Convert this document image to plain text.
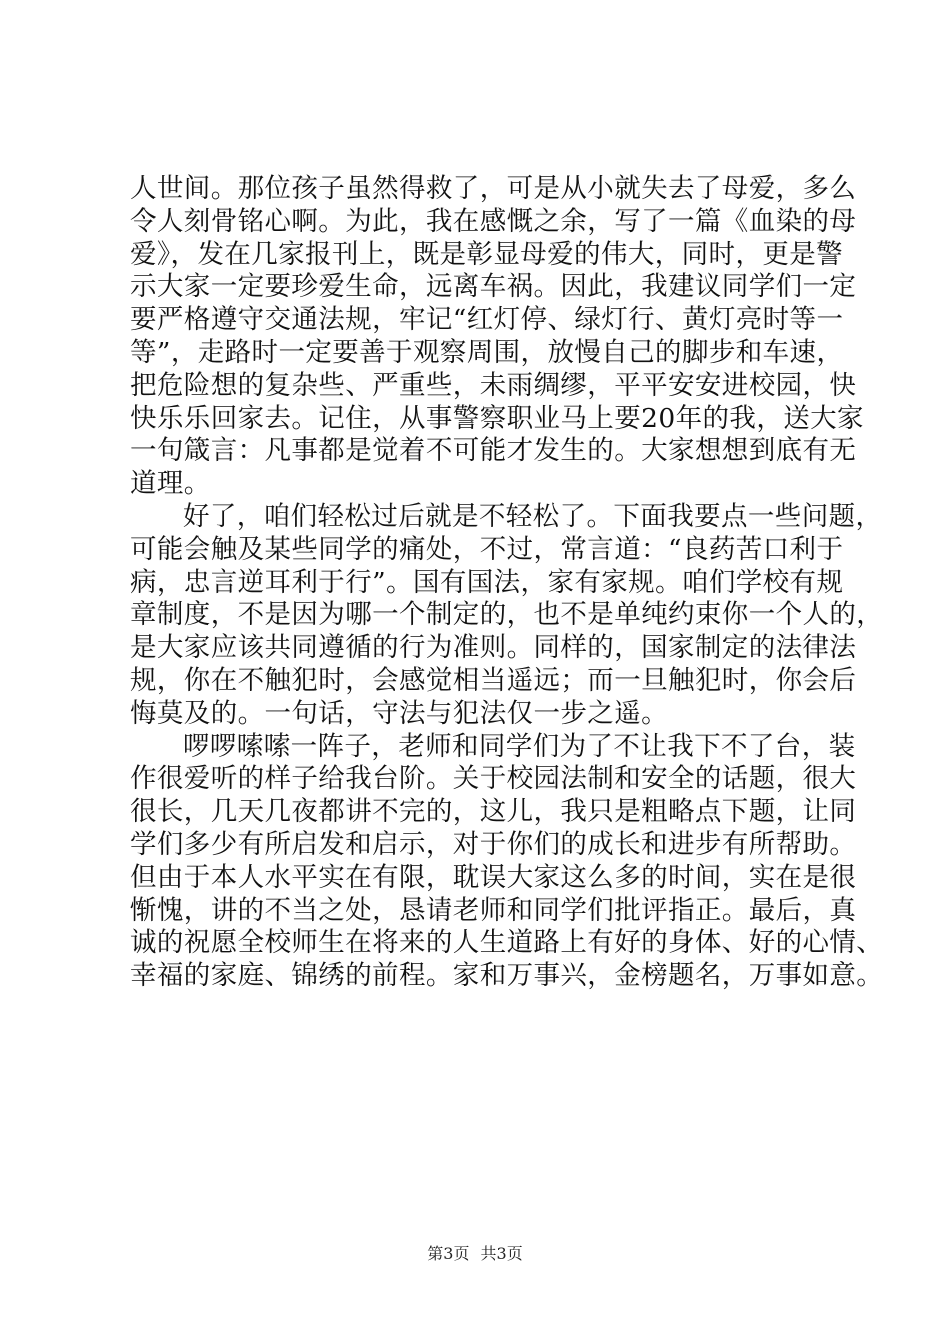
人世间。那位孩子虽然得救了，可是从小就失去了母爱，多么
令人刻骨铭心啊。为此，我在感慨之余，写了一篇《血染的母
爱》，发在几家报刊上，既是彰显母爱的伟大，同时，更是警
示大家一定要珍爱生命，远离车祸。因此，我建议同学们一定
要严格遵守交通法规，牢记“红灯停、绿灯行、黄灯亮时等一
等”，走路时一定要善于观察周围，放慢自己的脚步和车速，
把危险想的复杂些、严重些，未雨绸缪，平平安安进校园，快
快乐乐回家去。记住，从事警察职业马上要20年的我，送大家
一句箴言：凡事都是觉着不可能才发生的。大家想想到底有无
道理。
好了，咱们轻松过后就是不轻松了。下面我要点一些问题，
可能会触及某些同学的痛处，不过，常言道：“良药苦口利于
病，忠言逆耳利于行”。国有国法，家有家规。咱们学校有规
章制度，不是因为哪一个制定的，也不是单纯约束你一个人的，
是大家应该共同遵循的行为准则。同样的，国家制定的法律法
规，你在不触犯时，会感觉相当遥远；而一旦触犯时，你会后
悔莫及的。一句话，守法与犯法仅一步之遥。
啰啰嗦嗦一阵子，老师和同学们为了不让我下不了台，装
作很爱听的样子给我台阶。关于校园法制和安全的话题，很大
很长，几天几夜都讲不完的，这儿，我只是粗略点下题，让同
学们多少有所启发和启示，对于你们的成长和进步有所帮助。
但由于本人水平实在有限，耽误大家这么多的时间，实在是很
惭愧，讲的不当之处，恳请老师和同学们批评指正。最后，真
诚的祝愿全校师生在将来的人生道路上有好的身体、好的心情、
幸福的家庭、锦绣的前程。家和万事兴，金榜题名，万事如意。
第3页 共3页
